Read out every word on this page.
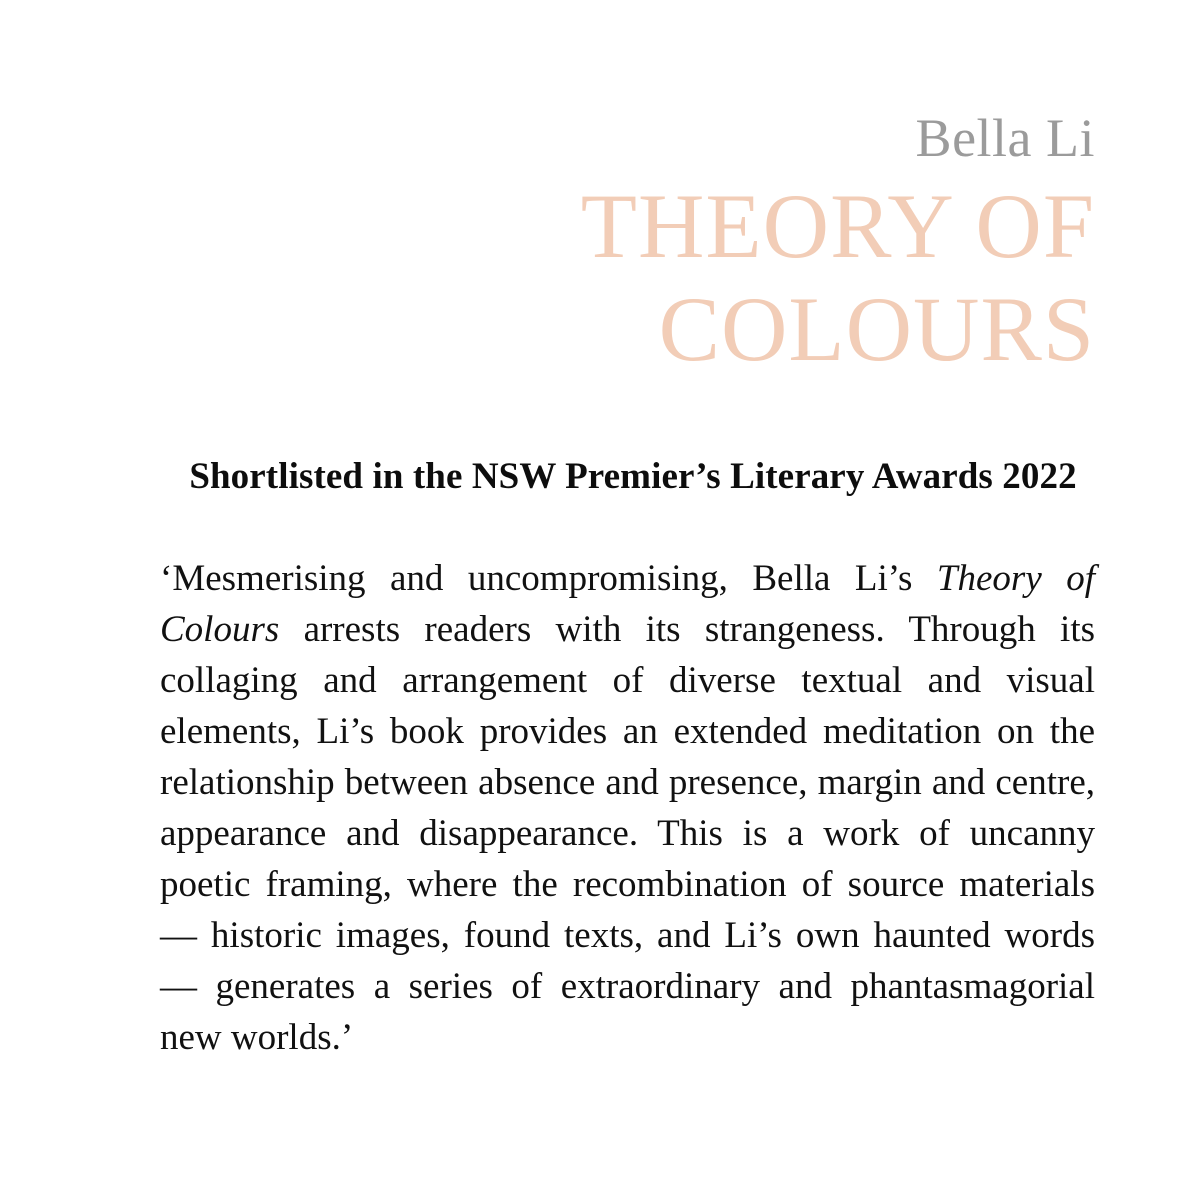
Bella Li
THEORY OF
COLOURS
Shortlisted in the NSW Premier’s Literary Awards 2022
‘Mesmerising and uncompromising, Bella Li’s Theory of Colours arrests readers with its strangeness. Through its collaging and arrangement of diverse textual and visual elements, Li’s book provides an extended meditation on the relationship between absence and presence, margin and centre, appearance and disappearance. This is a work of uncanny poetic framing, where the recombination of source materials — historic images, found texts, and Li’s own haunted words — generates a series of extraordinary and phantasmagorial new worlds.’
